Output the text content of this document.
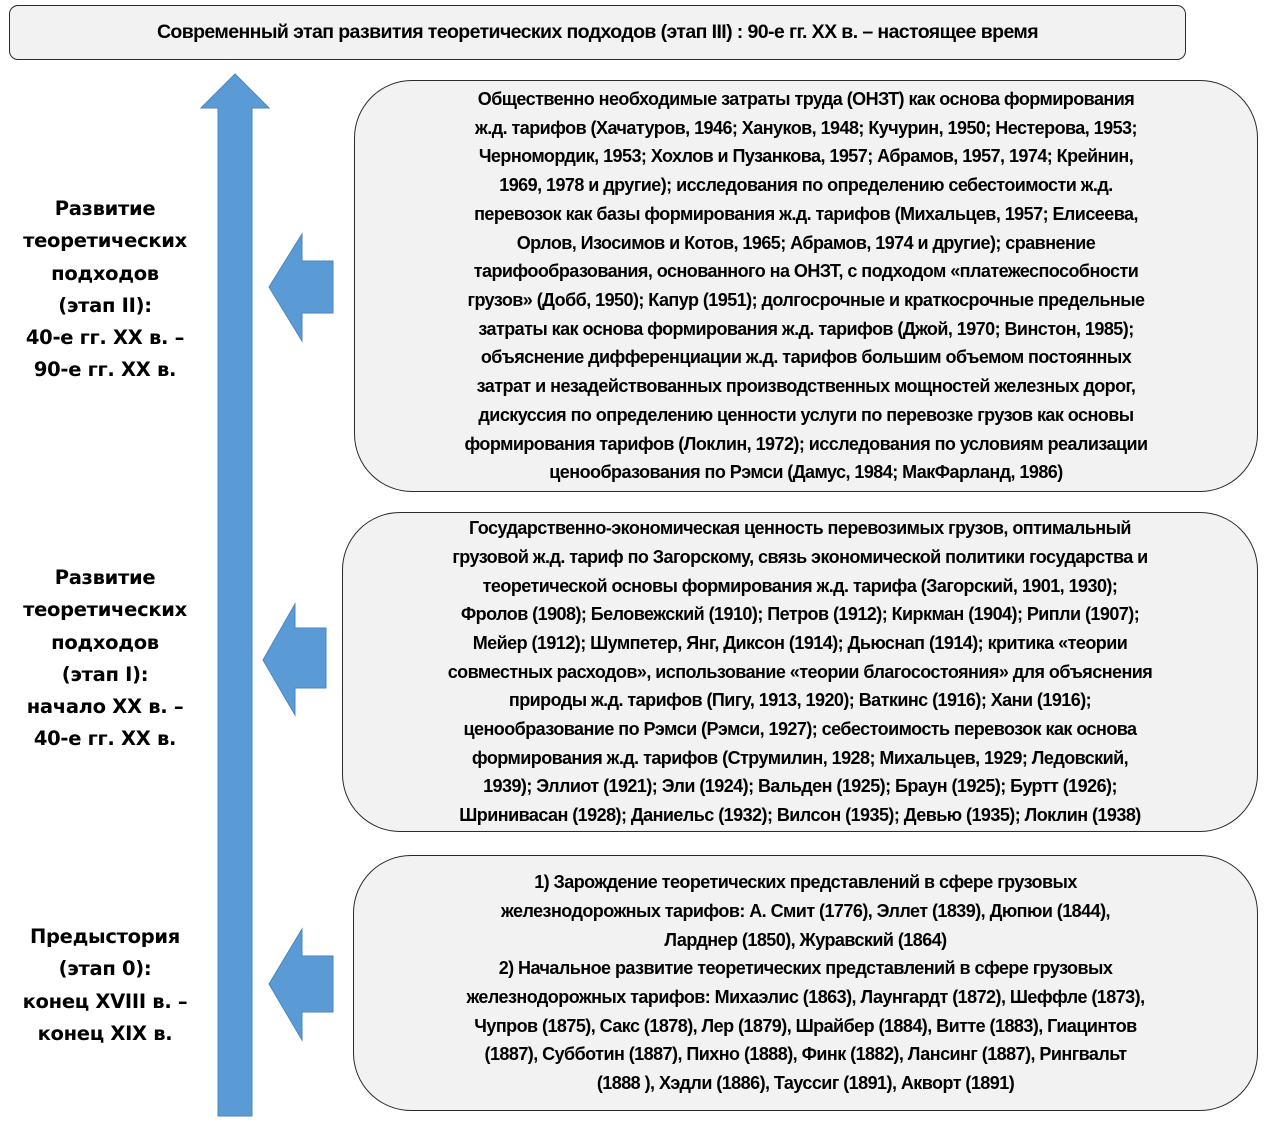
Современный этап развития теоретических подходов (этап III) : 90-е гг. XX в. – настоящее время
Развитие
теоретических
подходов
(этап II):
40-е гг. XX в. –
90-е гг. XX в.
Развитие
теоретических
подходов
(этап I):
начало XX в. –
40-е гг. XX в.
Предыстория
(этап 0):
конец XVIII в. –
конец XIX в.
Общественно необходимые затраты труда (ОНЗТ) как основа формирования
ж.д. тарифов (Хачатуров, 1946; Хануков, 1948; Кучурин, 1950; Нестерова, 1953;
Черномордик, 1953; Хохлов и Пузанкова, 1957; Абрамов, 1957, 1974; Крейнин,
1969, 1978 и другие); исследования по определению себестоимости ж.д.
перевозок как базы формирования ж.д. тарифов (Михальцев, 1957; Елисеева,
Орлов, Изосимов и Котов, 1965; Абрамов, 1974 и другие); сравнение
тарифообразования, основанного на ОНЗТ, с подходом «платежеспособности
грузов» (Добб, 1950); Капур (1951); долгосрочные и краткосрочные предельные
затраты как основа формирования ж.д. тарифов (Джой, 1970; Винстон, 1985);
объяснение дифференциации ж.д. тарифов большим объемом постоянных
затрат и незадействованных производственных мощностей железных дорог,
дискуссия по определению ценности услуги по перевозке грузов как основы
формирования тарифов (Локлин, 1972); исследования по условиям реализации
ценообразования по Рэмси (Дамус, 1984; МакФарланд, 1986)
Государственно-экономическая ценность перевозимых грузов, оптимальный
грузовой ж.д. тариф по Загорскому, связь экономической политики государства и
теоретической основы формирования ж.д. тарифа (Загорский, 1901, 1930);
Фролов (1908); Беловежский (1910); Петров (1912); Киркман (1904); Рипли (1907);
Мейер (1912); Шумпетер, Янг, Диксон (1914); Дьюснап (1914); критика «теории
совместных расходов», использование «теории благосостояния» для объяснения
природы ж.д. тарифов (Пигу, 1913, 1920); Ваткинс (1916); Хани (1916);
ценообразование по Рэмси (Рэмси, 1927); себестоимость перевозок как основа
формирования ж.д. тарифов (Струмилин, 1928; Михальцев, 1929; Ледовский,
1939); Эллиот (1921); Эли (1924); Вальден (1925); Браун (1925); Буртт (1926);
Шринивасан (1928); Даниельс (1932); Вилсон (1935); Девью (1935); Локлин (1938)
1) Зарождение теоретических представлений в сфере грузовых
железнодорожных тарифов: А. Смит (1776), Эллет (1839), Дюпюи (1844),
Ларднер (1850), Журавский (1864)
2) Начальное развитие теоретических представлений в сфере грузовых
железнодорожных тарифов: Михаэлис (1863), Лаунгардт (1872), Шеффле (1873),
Чупров (1875), Сакс (1878), Лер (1879), Шрайбер (1884), Витте (1883), Гиацинтов
(1887), Субботин (1887), Пихно (1888), Финк (1882), Лансинг (1887), Рингвальт
(1888 ), Хэдли (1886), Тауссиг (1891), Акворт (1891)
